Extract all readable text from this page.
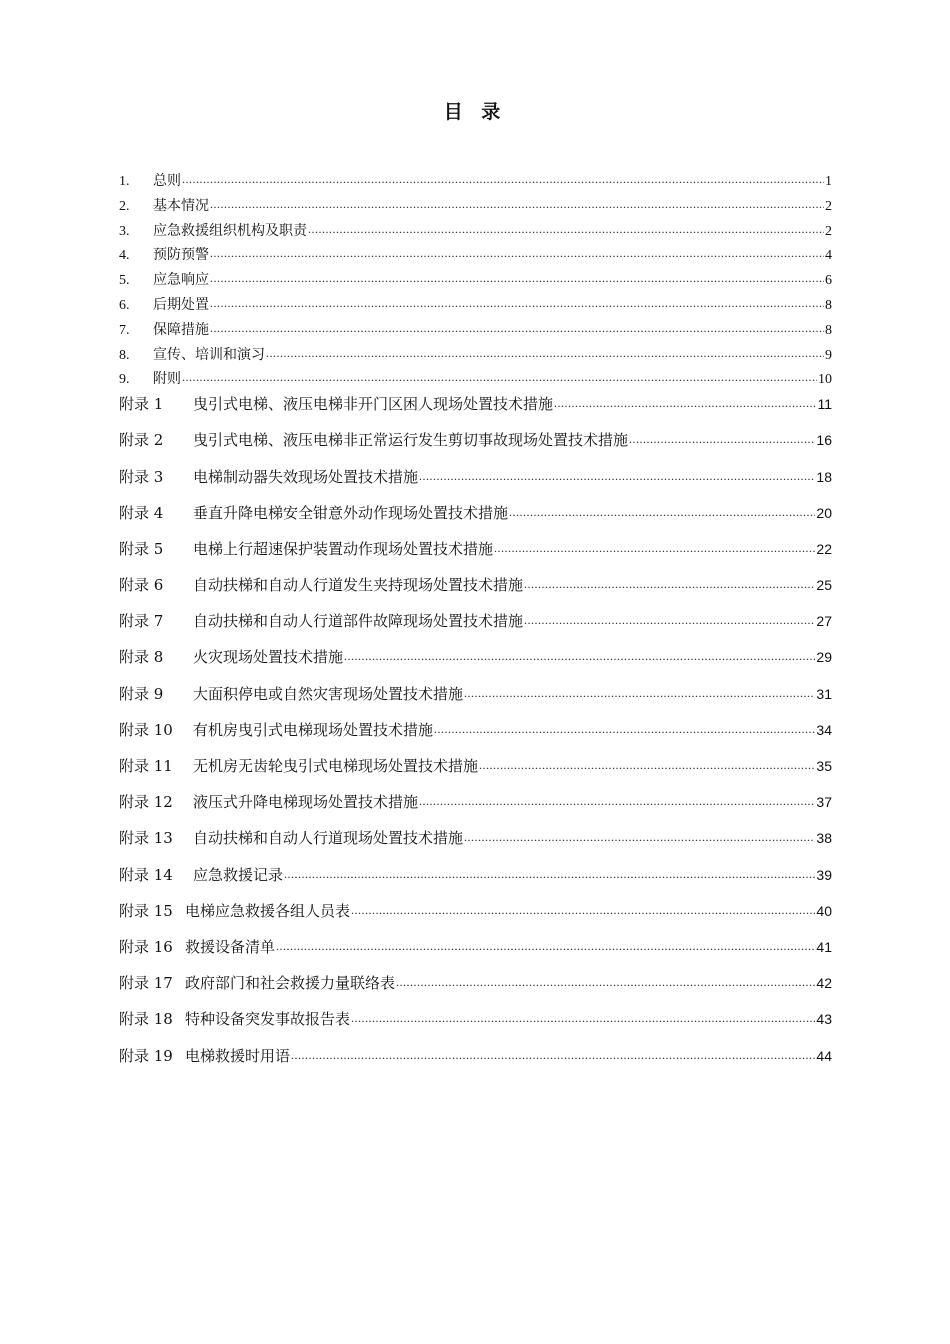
目 录
1.	总则 .....	1
2.	基本情况 .....	2
3.	应急救援组织机构及职责 .....	2
4.	预防预警 .....	4
5.	应急响应 .....	6
6.	后期处置 .....	8
7.	保障措施 .....	8
8.	宣传、培训和演习 .....	9
9.	附则 .....	10
附录 1	曳引式电梯、液压电梯非开门区困人现场处置技术措施 .....	11
附录 2	曳引式电梯、液压电梯非正常运行发生剪切事故现场处置技术措施 .....	16
附录 3	电梯制动器失效现场处置技术措施 .....	18
附录 4	垂直升降电梯安全钳意外动作现场处置技术措施 .....	20
附录 5	电梯上行超速保护装置动作现场处置技术措施 .....	22
附录 6	自动扶梯和自动人行道发生夹持现场处置技术措施 .....	25
附录 7	自动扶梯和自动人行道部件故障现场处置技术措施 .....	27
附录 8	火灾现场处置技术措施 .....	29
附录 9	大面积停电或自然灾害现场处置技术措施 .....	31
附录 10	有机房曳引式电梯现场处置技术措施 .....	34
附录 11	无机房无齿轮曳引式电梯现场处置技术措施 .....	35
附录 12	液压式升降电梯现场处置技术措施 .....	37
附录 13	自动扶梯和自动人行道现场处置技术措施 .....	38
附录 14	应急救援记录 .....	39
附录 15 电梯应急救援各组人员表 .....	40
附录 16 救援设备清单 .....	41
附录 17 政府部门和社会救援力量联络表 .....	42
附录 18 特种设备突发事故报告表 .....	43
附录 19 电梯救援时用语 .....	44
